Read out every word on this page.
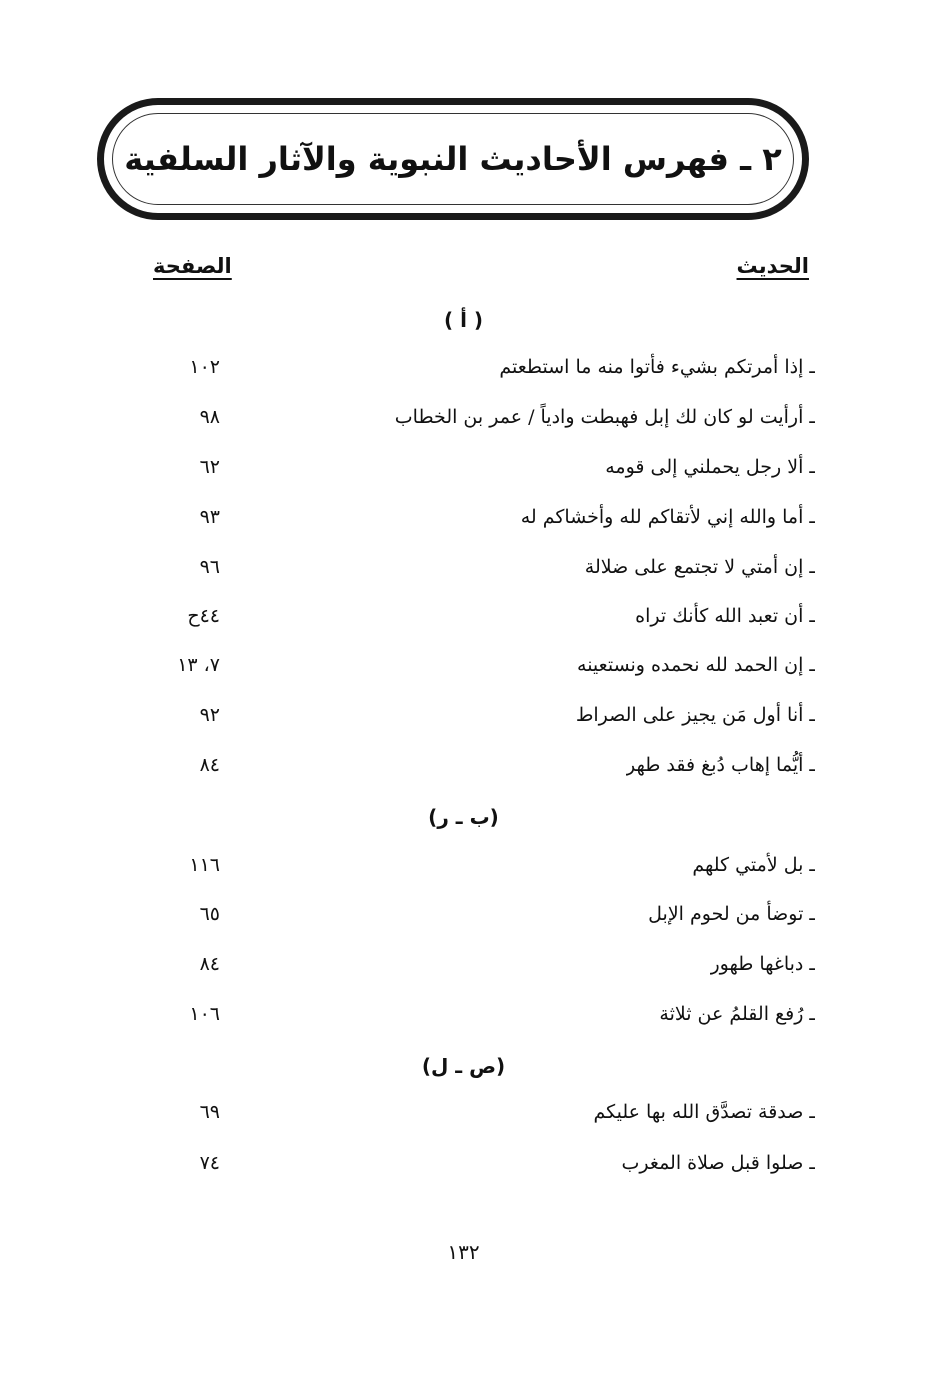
٢ ـ فهرس الأحاديث النبوية والآثار السلفية
الحديث
الصفحة
( أ )
ـ إذا أمرتكم بشيء فأتوا منه ما استطعتم
١٠٢
ـ أرأيت لو كان لك إبل فهبطت وادياً / عمر بن الخطاب
٩٨
ـ ألا رجل يحملني إلى قومه
٦٢
ـ أما والله إني لأتقاكم لله وأخشاكم له
٩٣
ـ إن أمتي لا تجتمع على ضلالة
٩٦
ـ أن تعبد الله كأنك تراه
٤٤ح
ـ إن الحمد لله نحمده ونستعينه
٧، ١٣
ـ أنا أول مَن يجيز على الصراط
٩٢
ـ أيُّما إهاب دُبغ فقد طهر
٨٤
(ب ـ ر)
ـ بل لأمتي كلهم
١١٦
ـ توضأ من لحوم الإبل
٦٥
ـ دباغها طهور
٨٤
ـ رُفع القلمُ عن ثلاثة
١٠٦
(ص ـ ل)
ـ صدقة تصدَّق الله بها عليكم
٦٩
ـ صلوا قبل صلاة المغرب
٧٤
١٣٢
